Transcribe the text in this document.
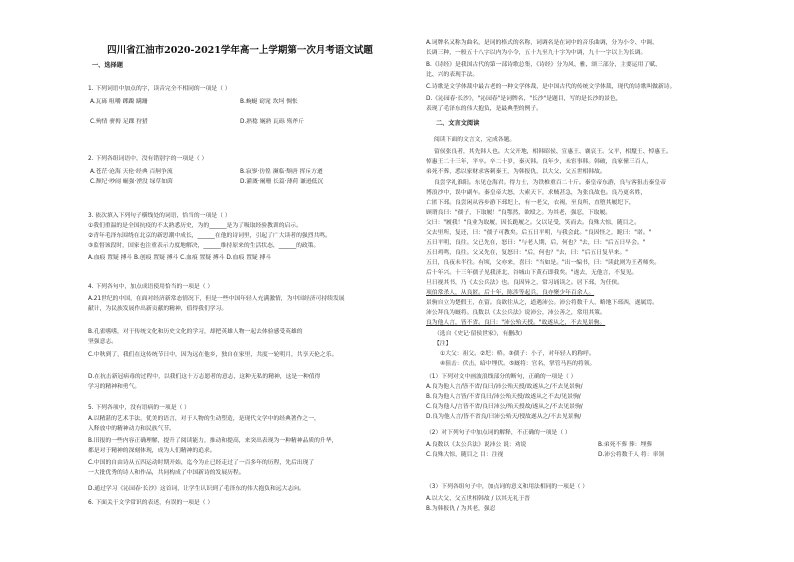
四川省江油市2020-2021学年高一上学期第一次月考语文试题
一、选择题
1. 下列词语中加点的字，读音完全不相同的一项是（ ）
A.瓦砾 咀嚼 踯躅 蹒跚	B.蜿蜒 窈窕 坎坷 惆怅
C.殉情 骈拇 足踝 狩猎	D.熟稔 娴熟 瓦砾 殇斧斤
2. 下列各组词语中，没有错别字的一项是（ ）
A.苍茫·沧海 天伦·经典 百舸争流	B.寂寥·彷徨 濒临·颓唐 挥斥方遒
C.颓圮·吵闹 崛强·湮没 绿草如茵	D.灌溉·阑珊 长篇·薄荷 谦逊低沉
3. 依次填入下列句子横线处的词语，恰当的一项是（ ）
①我们重温的是全国抗疫的不太熟悉历史，为的______是为了吸取经验教训的启示。
②青年毛泽东围绕在北京的新思潮中成长，______在他的诗词里，引起了广大读者的强烈共鸣。
③监督该段时，国家也注重表示力度地解决，______维持原来的生活状态，______的政策。
A.血痕 置疑 搏斗 B.创痕 置疑 搏斗 C.血痕 置疑 搏斗 D.血痕 置疑 搏斗
4. 下列各句中，加点成语使用恰当的一项是（ ）
A.21世纪的中国，在面对经济新常态情况下，但是一些中国年轻人充满激情，为中国经济可持续发展
献计，为民族发展作出新贡献的精神，值得我们学习。
B.孔雀嗜嗜，对于传统文化和历史文化的学习，却把英雄人物一起去体验感受英雄的
坚强意志。
C.中秋到了，我们在这传统节日中，因为远在他乡，独自在家里，共度一轮明月，共享天伦之乐。
D.在抗击新冠病毒的过程中，以我们这十万志愿者的意志，这种无私的精神，这是一种值得
学习的精神和勇气。
5. 下列各项中，没有语病的一项是（ ）
A.以精湛的艺术手法，优美的语言，对于人物的生动塑造，是现代文学中的经典著作之一，
入释放中的精神动力和民族气节。
B.旧报的一些内容正确理解，提升了阅读能力，推动和提高，来突出表现为一种精神品质的升华，
都是对于精神的深刻体现，成为人们精神的追求。
C.中国的自由诗从五四运动时期开始，迄今为止已经走过了一百多年的历程，先后出现了
一大批优秀的诗人和作品，共同构成了中国新诗的发展历程。
D.通过学习《沁园春·长沙》这首词，让学生认识到了毛泽东的伟大抱负和远大志向。
6. 下面关于文学常识的表述，有误的一项是（ ）
A.词牌名又称为曲名，是词的格式的名称，词调名是在词中的音乐曲调，分为小令、中调、
长调三种，一般五十八字以内为小令，五十九至九十字为中调，九十一字以上为长调。
B.《诗经》是我国古代的第一部诗歌总集，《诗经》分为风、雅、颂三部分，主要运用了赋、
比、兴的表现手法。
C.诗歌是文学体裁中最古老的一种文学体裁，是中国古代的传统文学体裁，现代的诗歌叫做新诗。
D.《沁园春·长沙》，"沁园春"是词牌名，"长沙"是题目，写的是长沙的景色，
表现了毛泽东的伟大抱负，是最典型的例子。
二、文言文阅读
阅读下面的文言文，完成各题。
留侯张良者，其先韩人也。大父开地，相韩昭侯、宣惠王、襄哀王。父平，相釐王、悼惠王。
悼惠王二十三年，平卒。卒二十岁，秦灭韩。良年少，未宦事韩。韩破，良家僮三百人，
弟死不葬，悉以家财求客刺秦王，为韩报仇，以大父、父五世相韩故。
良尝学礼淮阳。东见仓海君。得力士，为铁椎重百二十斤。秦皇帝东游，良与客狙击秦皇帝
博浪沙中，误中副车。秦皇帝大怒，大索天下，求贼甚急，为张良故也。良乃更名姓，
亡匿下邳。良尝闲从容步游下邳圯上，有一老父，衣褐，至良所，直堕其履圯下，
顾谓良曰："孺子，下取履！"良鄂然，欲殴之。为其老，强忍，下取履。
父曰："履我！"良业为取履，因长跪履之。父以足受，笑而去。良殊大惊，随目之。
父去里所，复还，曰："孺子可教矣。后五日平明，与我会此。"良因怪之，跪曰："诺。"
五日平明，良往。父已先在，怒曰："与老人期，后，何也？"去，曰："后五日早会。"
五日鸡鸣，良往。父又先在，复怒曰："后，何也？"去，曰："后五日复早来。"
五日，良夜未半往。有顷，父亦来，喜曰："当如是。"出一编书，曰："读此则为王者师矣。
后十年兴。十三年孺子见我济北，谷城山下黄石即我矣。"遂去，无他言，不复见。
旦日视其书，乃《太公兵法》也。良因异之，常习诵读之。居下邳，为任侠。
项伯常杀人，从良匿。后十年，陈涉等起兵，良亦聚少年百余人。
景驹自立为楚假王，在留。良欲往从之，道遇沛公。沛公将数千人，略地下邳西，遂属焉。
沛公拜良为厩将。良数以《太公兵法》说沛公，沛公善之，常用其策。
良为他人言，皆不省。良曰："沛公殆天授。"故遂从之，不去见景驹。
（选自《史记·留侯世家》，有删改）
【注】
①大父：祖父。②圯：桥。③孺子：小子，对年轻人的称呼。
④狙击：伏击，暗中埋伏。⑤厩将：官名，掌管马匹的将领。
（1）下列对文中画波浪线部分的断句，正确的一项是（ ）
A.良为他人言/皆不省/良曰/沛公殆天授/故遂从之/不去见景驹/
B.良为他人言皆/不省良曰/沛公殆天授/故遂从之不去/见景驹/
C.良为他人/言皆不省/良曰沛公/殆天授故/遂从之/不去见景驹/
D.良为他人言/皆不省良/曰沛公殆天/授故遂从之/不去见景驹/
（2）对下列句子中加点词的解释，不正确的一项是（ ）
A.良数以《太公兵法》说沛公 说：劝说	B.弟死不葬 葬：埋葬
C.良殊大惊，随目之 目：注视	D.沛公将数千人 将：率领
（3）下列各组句子中，加点词的意义和用法相同的一项是（ ）
A.以大父、父五世相韩故 / 以其无礼于晋
B.为韩报仇 / 为其老，强忍
